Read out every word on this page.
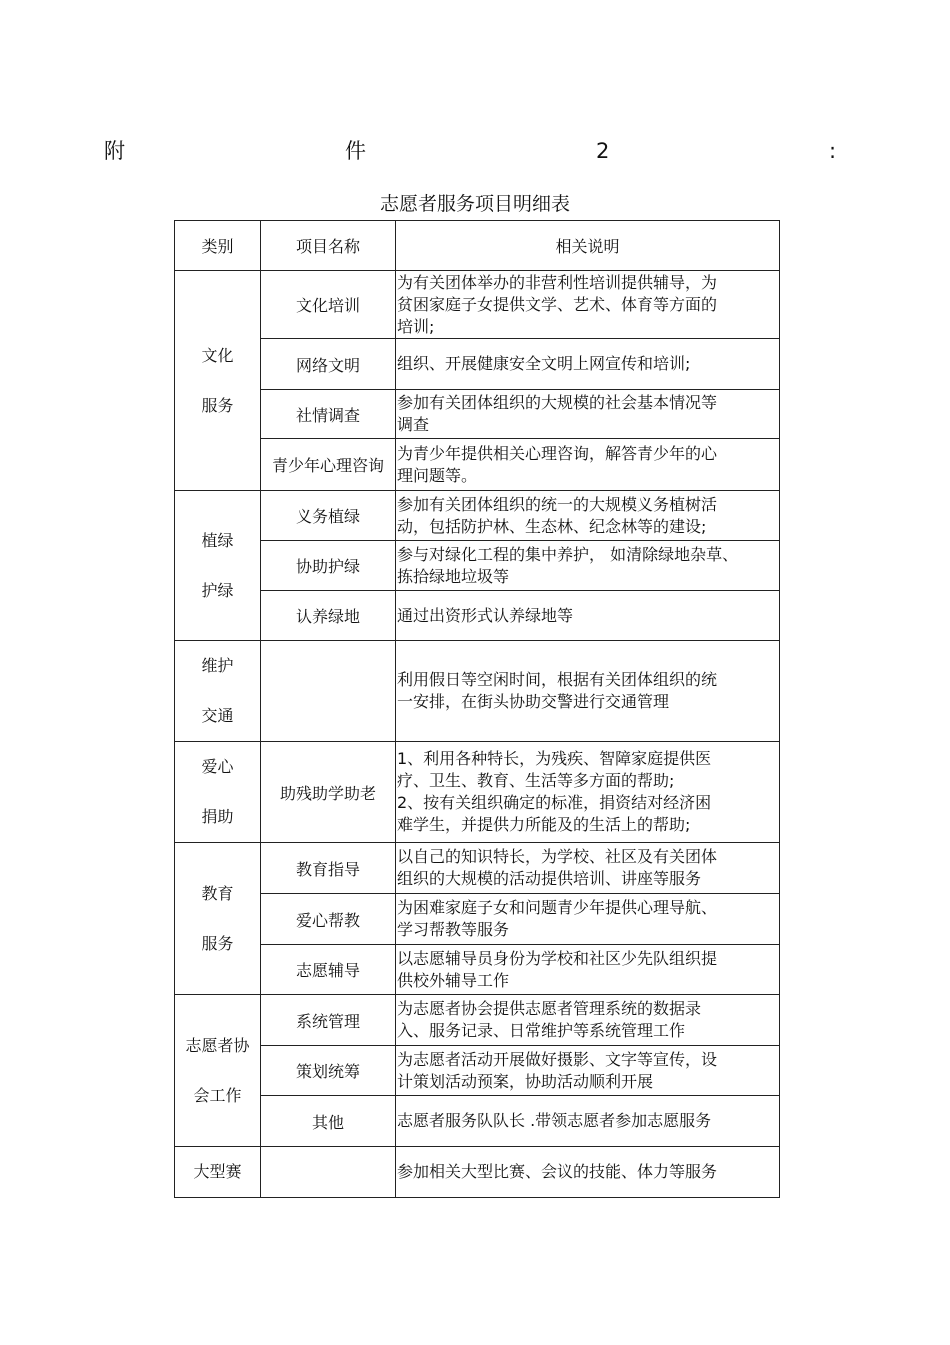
附	件	2	:
志愿者服务项目明细表
类别	项目名称	相关说明

文化
服务	文化培训	为有关团体举办的非营利性培训提供辅导，为
贫困家庭子女提供文学、艺术、体育等方面的
培训;

	网络文明	组织、开展健康安全文明上网宣传和培训;

	社情调查	参加有关团体组织的大规模的社会基本情况等
调查

	青少年心理咨询	为青少年提供相关心理咨询，解答青少年的心
理问题等。

植绿
护绿	义务植绿	参加有关团体组织的统一的大规模义务植树活
动，包括防护林、生态林、纪念林等的建设;

	协助护绿	参与对绿化工程的集中养护， 如清除绿地杂草、
拣拾绿地垃圾等

	认养绿地	通过出资形式认养绿地等

维护
交通		利用假日等空闲时间，根据有关团体组织的统
一安排，在街头协助交警进行交通管理

爱心
捐助	助残助学助老	1、利用各种特长，为残疾、智障家庭提供医
疗、卫生、教育、生活等多方面的帮助;
2、按有关组织确定的标准，捐资结对经济困
难学生，并提供力所能及的生活上的帮助;

教育
服务	教育指导	以自己的知识特长，为学校、社区及有关团体
组织的大规模的活动提供培训、讲座等服务

	爱心帮教	为困难家庭子女和问题青少年提供心理导航、
学习帮教等服务

	志愿辅导	以志愿辅导员身份为学校和社区少先队组织提
供校外辅导工作

志愿者协
会工作	系统管理	为志愿者协会提供志愿者管理系统的数据录
入、服务记录、日常维护等系统管理工作

	策划统筹	为志愿者活动开展做好摄影、文字等宣传，设
计策划活动预案，协助活动顺利开展

	其他	志愿者服务队队长 .带领志愿者参加志愿服务

大型赛		参加相关大型比赛、会议的技能、体力等服务
